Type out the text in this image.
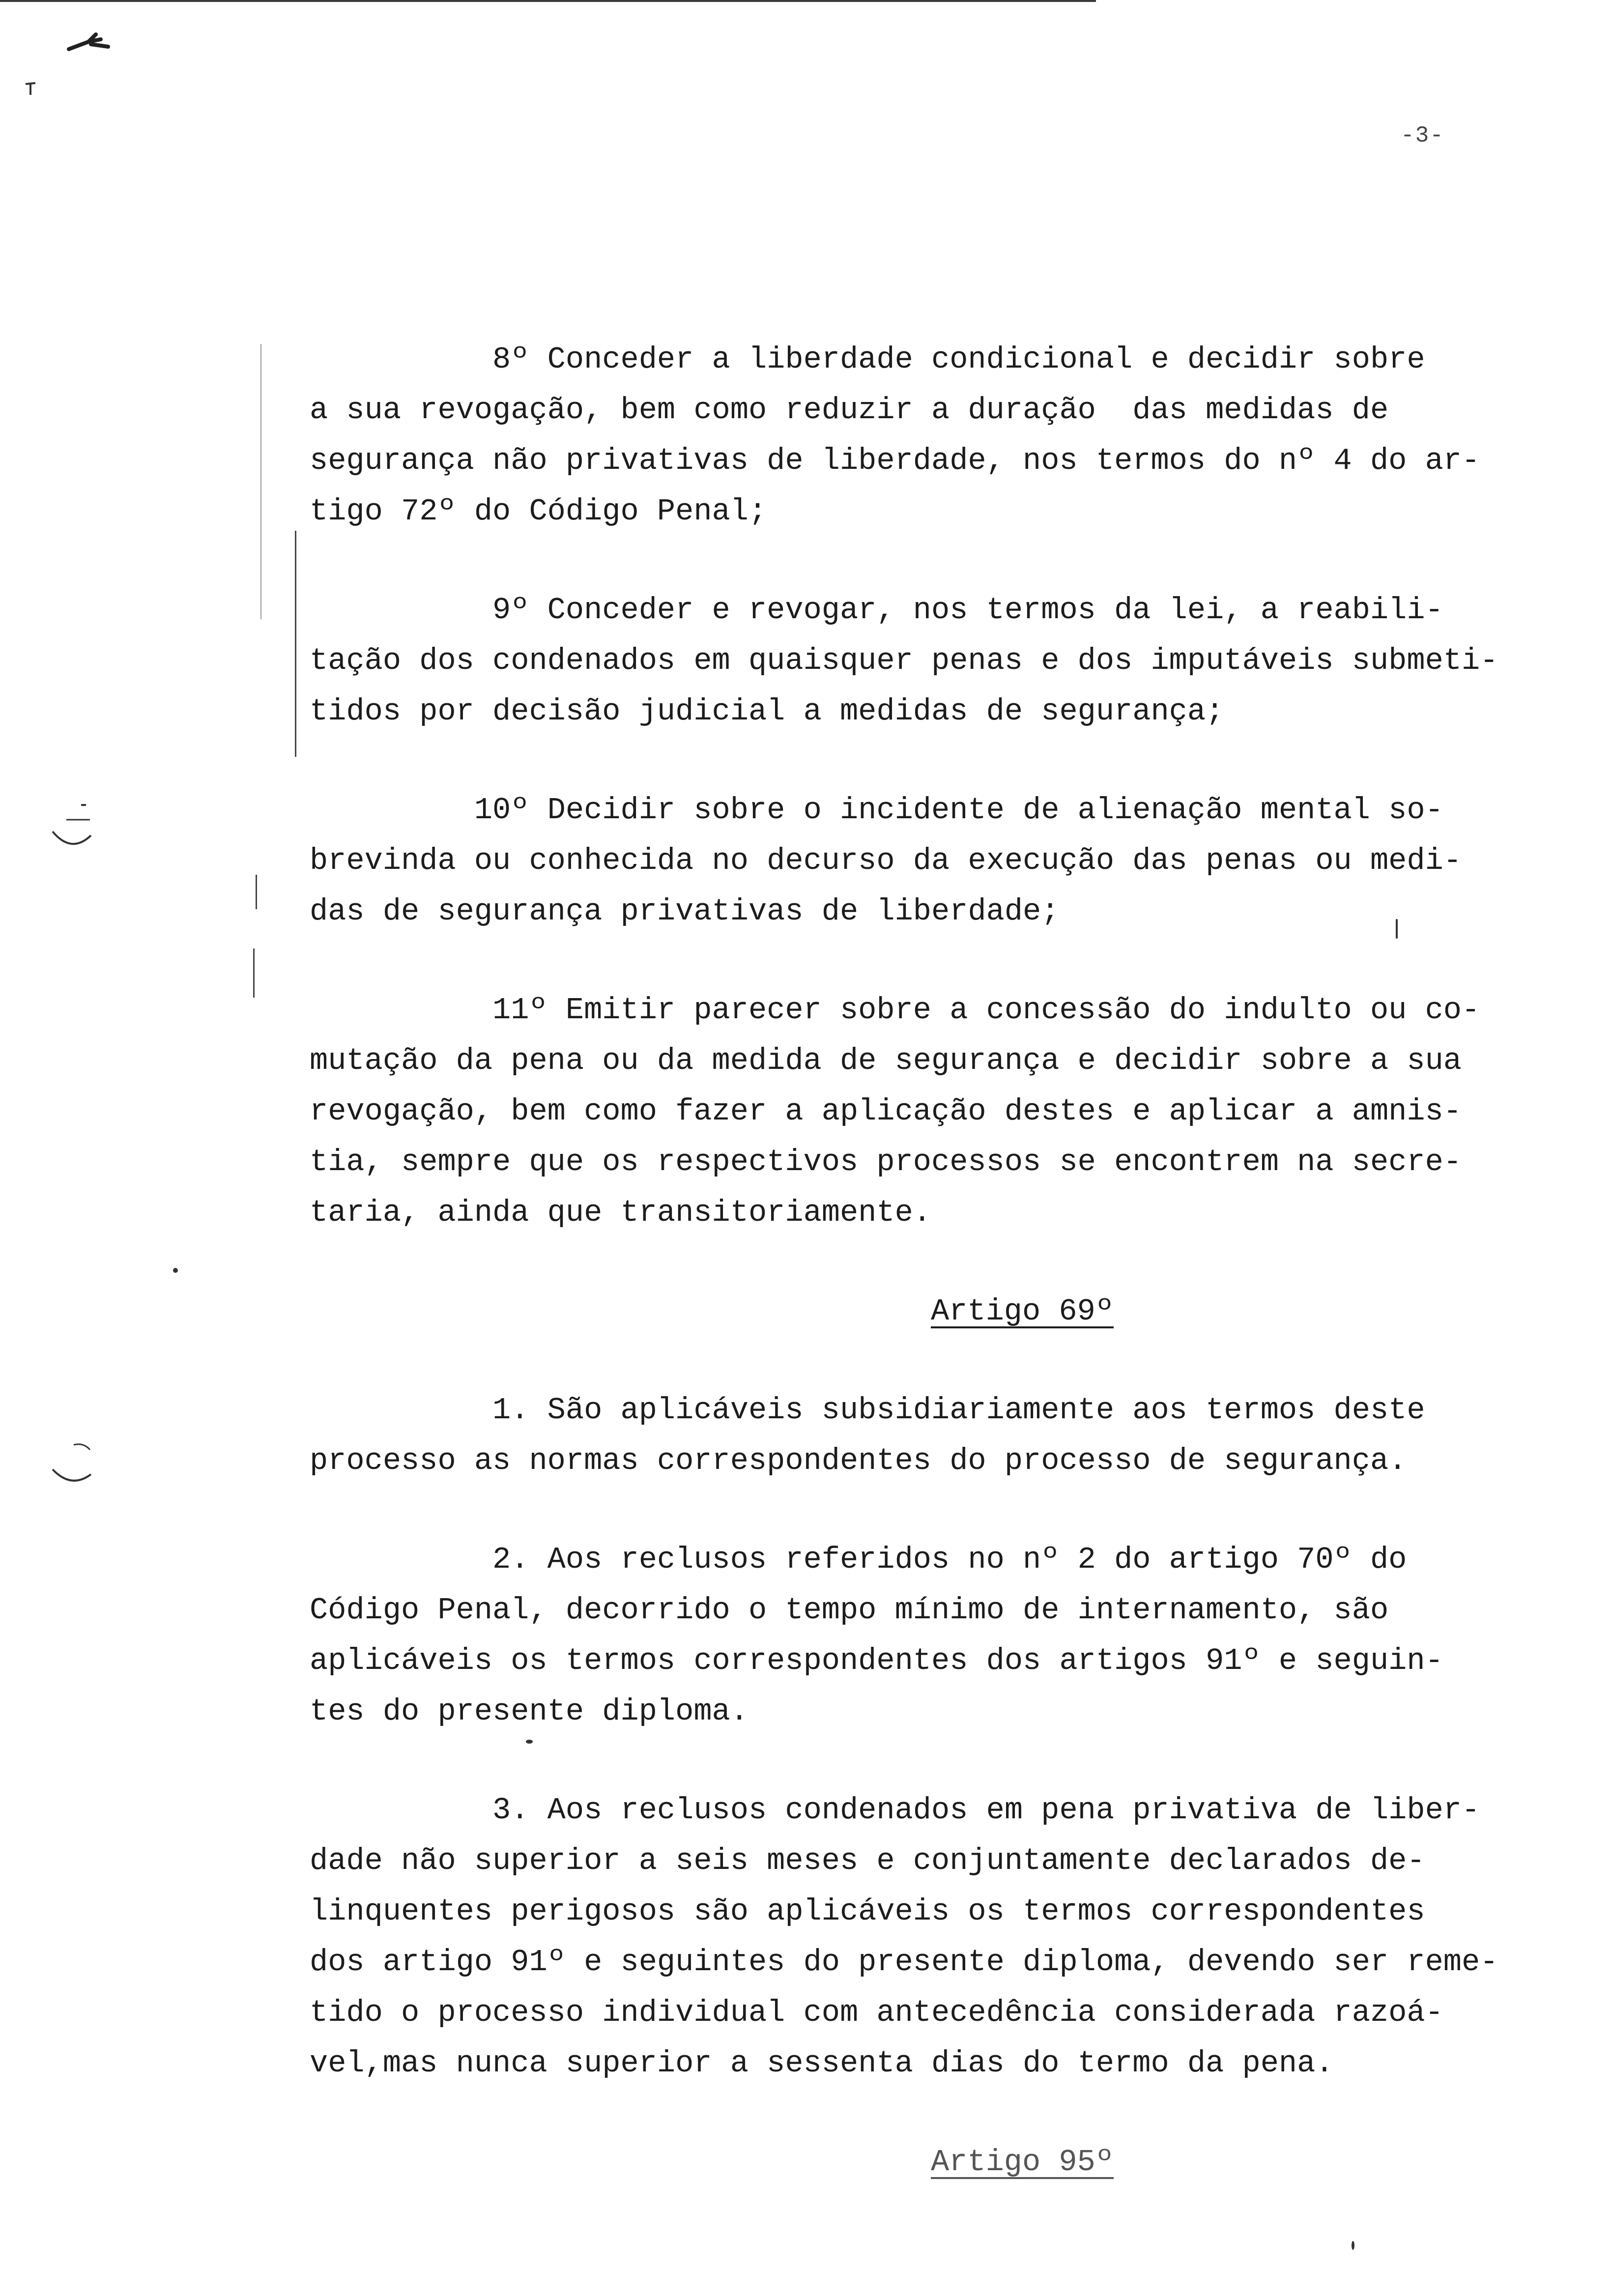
-3-

8º Conceder a liberdade condicional e decidir sobre
a sua revogação, bem como reduzir a duração  das medidas de
segurança não privativas de liberdade, nos termos do nº 4 do ar-
tigo 72º do Código Penal;

9º Conceder e revogar, nos termos da lei, a reabili-
tação dos condenados em quaisquer penas e dos imputáveis submeti-
tidos por decisão judicial a medidas de segurança;

10º Decidir sobre o incidente de alienação mental so-
brevinda ou conhecida no decurso da execução das penas ou medi-
das de segurança privativas de liberdade;

11º Emitir parecer sobre a concessão do indulto ou co-
mutação da pena ou da medida de segurança e decidir sobre a sua
revogação, bem como fazer a aplicação destes e aplicar a amnis-
tia, sempre que os respectivos processos se encontrem na secre-
taria, ainda que transitoriamente.

Artigo 69º

1. São aplicáveis subsidiariamente aos termos deste
processo as normas correspondentes do processo de segurança.

2. Aos reclusos referidos no nº 2 do artigo 70º do
Código Penal, decorrido o tempo mínimo de internamento, são
aplicáveis os termos correspondentes dos artigos 91º e seguin-
tes do presente diploma.

3. Aos reclusos condenados em pena privativa de liber-
dade não superior a seis meses e conjuntamente declarados de-
linquentes perigosos são aplicáveis os termos correspondentes
dos artigo 91º e seguintes do presente diploma, devendo ser reme-
tido o processo individual com antecedência considerada razoá-
vel,mas nunca superior a sessenta dias do termo da pena.

Artigo 95º
